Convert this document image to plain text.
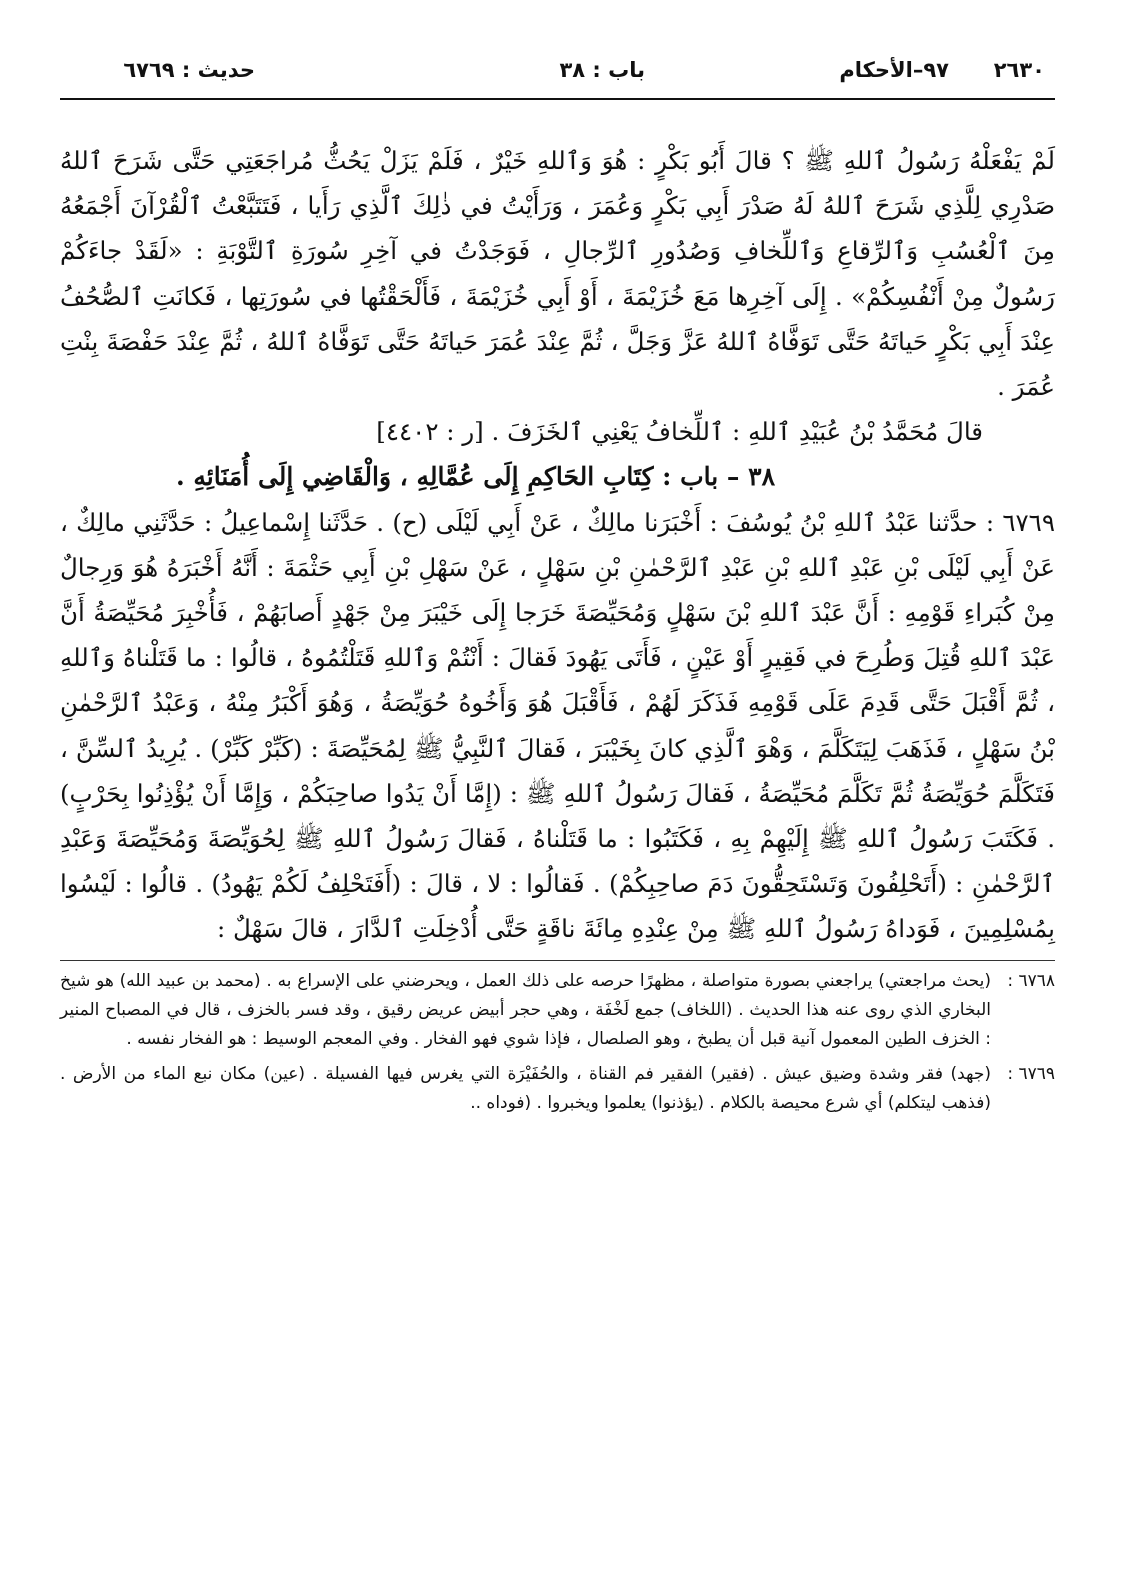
٢٦٣٠
٩٧–الأحكام
باب : ٣٨
حديث : ٦٧٦٩

لَمْ يَفْعَلْهُ رَسُولُ ٱللهِ ﷺ ؟ قالَ أَبُو بَكْرٍ : هُوَ وَٱللهِ خَيْرٌ ، فَلَمْ يَزَلْ يَحُثُّ مُراجَعَتِي حَتَّى شَرَحَ ٱللهُ صَدْرِي لِلَّذِي شَرَحَ ٱللهُ لَهُ صَدْرَ أَبِي بَكْرٍ وَعُمَرَ ، وَرَأَيْتُ في ذٰلِكَ ٱلَّذِي رَأَيا ، فَتَتَبَّعْتُ ٱلْقُرْآنَ أَجْمَعُهُ مِنَ ٱلْعُسُبِ وَٱلرِّقاعِ وَٱللِّخافِ وَصُدُورِ ٱلرِّجالِ ، فَوَجَدْتُ في آخِرِ سُورَةِ ٱلتَّوْبَةِ : «لَقَدْ جاءَكُمْ رَسُولٌ مِنْ أَنْفُسِكُمْ» . إِلَى آخِرِها مَعَ خُزَيْمَةَ ، أَوْ أَبِي خُزَيْمَةَ ، فَأَلْحَقْتُها في سُورَتِها ، فَكانَتِ ٱلصُّحُفُ عِنْدَ أَبِي بَكْرٍ حَياتَهُ حَتَّى تَوَفَّاهُ ٱللهُ عَزَّ وَجَلَّ ، ثُمَّ عِنْدَ عُمَرَ حَياتَهُ حَتَّى تَوَفَّاهُ ٱللهُ ، ثُمَّ عِنْدَ حَفْصَةَ بِنْتِ عُمَرَ .

قالَ مُحَمَّدُ بْنُ عُبَيْدِ ٱللهِ : ٱللِّخافُ يَعْنِي ٱلخَزَفَ . [ر : ٤٤٠٢]

٣٨ – باب : كِتَابِ الحَاكِمِ إِلَى عُمَّالِهِ ، وَالْقَاضِي إِلَى أُمَنَائِهِ .

٦٧٦٩ : حدَّثنا عَبْدُ ٱللهِ بْنُ يُوسُفَ : أَخْبَرَنا مالِكٌ ، عَنْ أَبِي لَيْلَى (ح) . حَدَّثَنا إِسْماعِيلُ : حَدَّثَنِي مالِكٌ ، عَنْ أَبِي لَيْلَى بْنِ عَبْدِ ٱللهِ بْنِ عَبْدِ ٱلرَّحْمٰنِ بْنِ سَهْلٍ ، عَنْ سَهْلِ بْنِ أَبِي حَثْمَةَ : أَنَّهُ أَخْبَرَهُ هُوَ وَرِجالٌ مِنْ كُبَراءِ قَوْمِهِ : أَنَّ عَبْدَ ٱللهِ بْنَ سَهْلٍ وَمُحَيِّصَةَ خَرَجا إِلَى خَيْبَرَ مِنْ جَهْدٍ أَصابَهُمْ ، فَأُخْبِرَ مُحَيِّصَةُ أَنَّ عَبْدَ ٱللهِ قُتِلَ وَطُرِحَ في فَقِيرٍ أَوْ عَيْنٍ ، فَأَتَى يَهُودَ فَقالَ : أَنْتُمْ وَٱللهِ قَتَلْتُمُوهُ ، قالُوا : ما قَتَلْناهُ وَٱللهِ ، ثُمَّ أَقْبَلَ حَتَّى قَدِمَ عَلَى قَوْمِهِ فَذَكَرَ لَهُمْ ، فَأَقْبَلَ هُوَ وَأَخُوهُ حُوَيِّصَةُ ، وَهُوَ أَكْبَرُ مِنْهُ ، وَعَبْدُ ٱلرَّحْمٰنِ بْنُ سَهْلٍ ، فَذَهَبَ لِيَتَكَلَّمَ ، وَهْوَ ٱلَّذِي كانَ بِخَيْبَرَ ، فَقالَ ٱلنَّبِيُّ ﷺ لِمُحَيِّصَةَ : (كَبِّرْ كَبِّرْ) . يُرِيدُ ٱلسِّنَّ ، فَتَكَلَّمَ حُوَيِّصَةُ ثُمَّ تَكَلَّمَ مُحَيِّصَةُ ، فَقالَ رَسُولُ ٱللهِ ﷺ : (إِمَّا أَنْ يَدُوا صاحِبَكُمْ ، وَإِمَّا أَنْ يُؤْذِنُوا بِحَرْبٍ) . فَكَتَبَ رَسُولُ ٱللهِ ﷺ إِلَيْهِمْ بِهِ ، فَكَتَبُوا : ما قَتَلْناهُ ، فَقالَ رَسُولُ ٱللهِ ﷺ لِحُوَيِّصَةَ وَمُحَيِّصَةَ وَعَبْدِ ٱلرَّحْمٰنِ : (أَتَحْلِفُونَ وَتَسْتَحِقُّونَ دَمَ صاحِبِكُمْ) . فَقالُوا : لا ، قالَ : (أَفَتَحْلِفُ لَكُمْ يَهُودُ) . قالُوا : لَيْسُوا بِمُسْلِمِينَ ، فَوَداهُ رَسُولُ ٱللهِ ﷺ مِنْ عِنْدِهِ مِائَةَ ناقَةٍ حَتَّى أُدْخِلَتِ ٱلدَّارَ ، قالَ سَهْلٌ :

٦٧٦٨ :
(يحث مراجعتي) يراجعني بصورة متواصلة ، مظهرًا حرصه على ذلك العمل ، ويحرضني على الإسراع به . (محمد بن عبيد الله) هو شيخ البخاري الذي روى عنه هذا الحديث . (اللخاف) جمع لَخْفَة ، وهي حجر أبيض عريض رقيق ، وقد فسر بالخزف ، قال في المصباح المنير : الخزف الطين المعمول آنية قبل أن يطبخ ، وهو الصلصال ، فإذا شوي فهو الفخار . وفي المعجم الوسيط : هو الفخار نفسه .

٦٧٦٩ :
(جهد) فقر وشدة وضيق عيش . (فقير) الفقير فم القناة ، والحُفَيْرَة التي يغرس فيها الفسيلة . (عين) مكان نبع الماء من الأرض . (فذهب ليتكلم) أي شرع محيصة بالكلام . (يؤذنوا) يعلموا ويخبروا . (فوداه ..
